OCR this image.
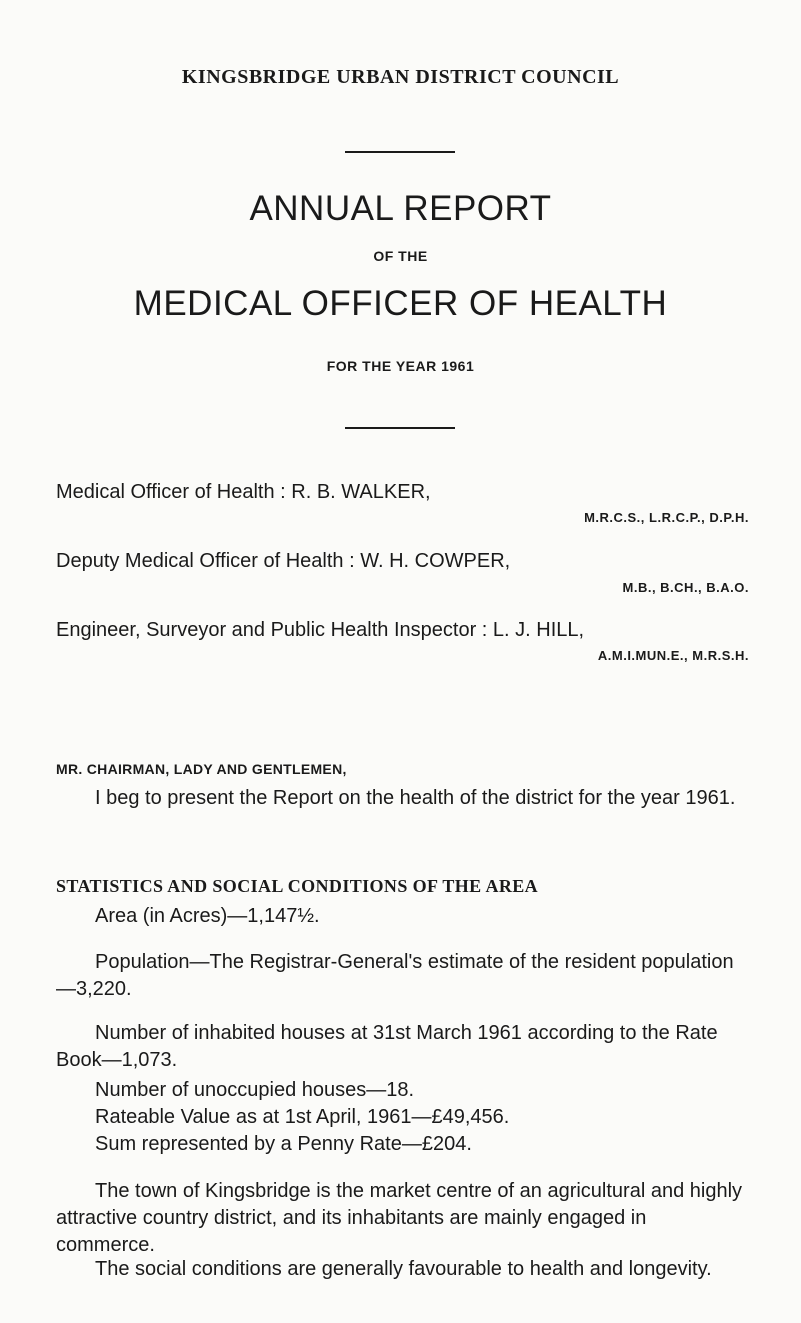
KINGSBRIDGE URBAN DISTRICT COUNCIL
ANNUAL REPORT
OF THE
MEDICAL OFFICER OF HEALTH
FOR THE YEAR 1961
Medical Officer of Health : R. B. WALKER,
M.R.C.S., L.R.C.P., D.P.H.
Deputy Medical Officer of Health : W. H. COWPER,
M.B., B.CH., B.A.O.
Engineer, Surveyor and Public Health Inspector : L. J. HILL,
A.M.I.MUN.E., M.R.S.H.
MR. CHAIRMAN, LADY AND GENTLEMEN,
I beg to present the Report on the health of the district for the year 1961.
STATISTICS AND SOCIAL CONDITIONS OF THE AREA
Area (in Acres)—1,147½.
Population—The Registrar-General's estimate of the resident population—3,220.
Number of inhabited houses at 31st March 1961 according to the Rate Book—1,073.
Number of unoccupied houses—18.
Rateable Value as at 1st April, 1961—£49,456.
Sum represented by a Penny Rate—£204.
The town of Kingsbridge is the market centre of an agricultural and highly attractive country district, and its inhabitants are mainly engaged in commerce.
The social conditions are generally favourable to health and longevity.
